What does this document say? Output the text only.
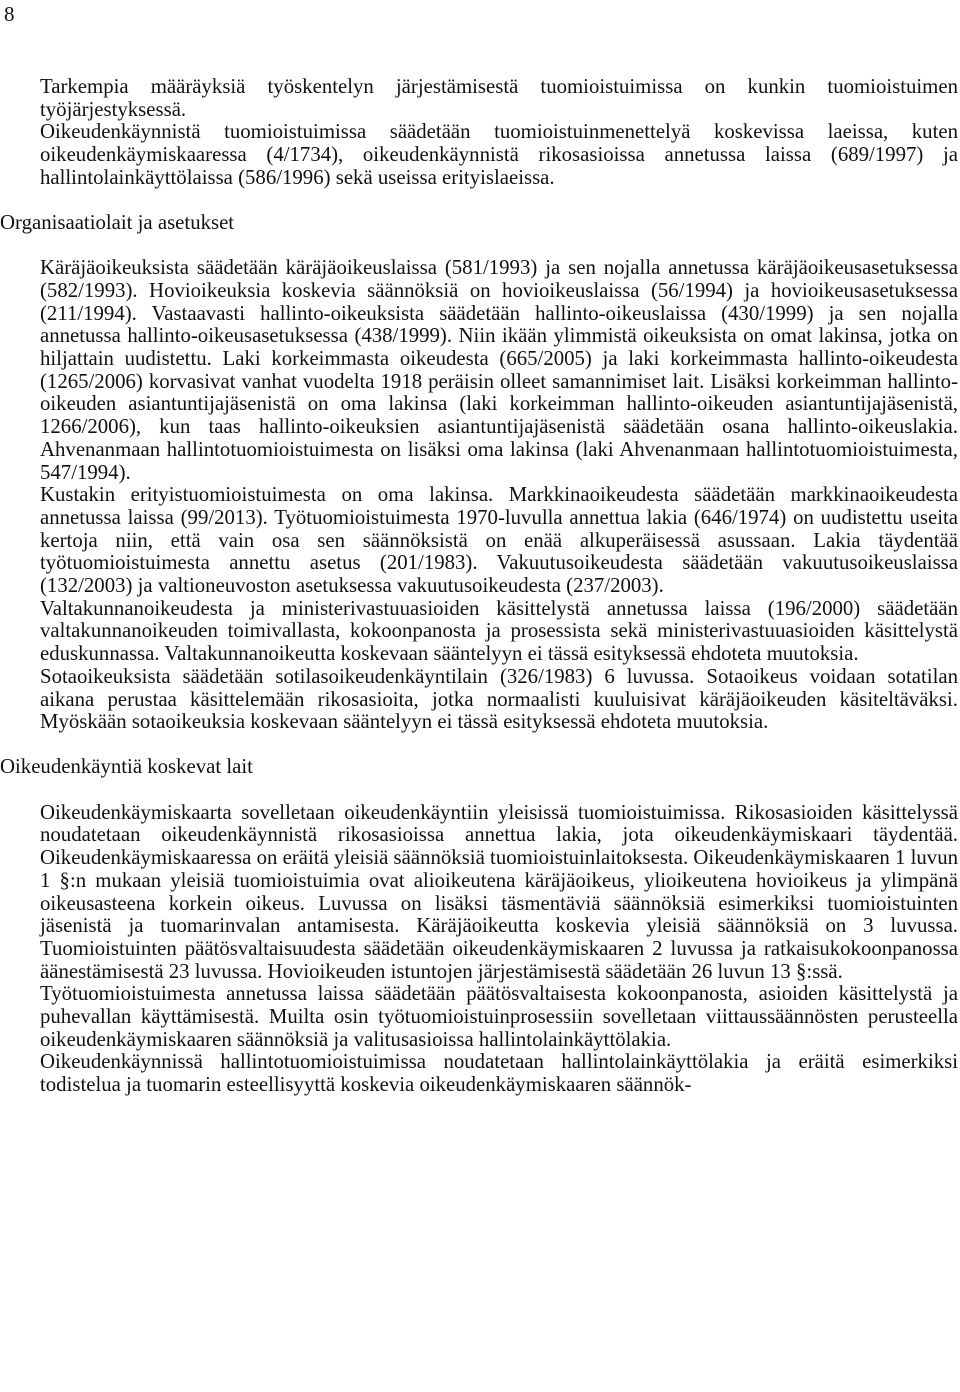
8

Tarkempia määräyksiä työskentelyn järjestämisestä tuomioistuimissa on kunkin tuomioistuimen työjärjestyksessä.

Oikeudenkäynnistä tuomioistuimissa säädetään tuomioistuinmenettelyä koskevissa laeissa, kuten oikeudenkäymiskaaressa (4/1734), oikeudenkäynnistä rikosasioissa annetussa laissa (689/1997) ja hallintolainkäyttölaissa (586/1996) sekä useissa erityislaeissa.

Organisaatiolait ja asetukset

Käräjäoikeuksista säädetään käräjäoikeuslaissa (581/1993) ja sen nojalla annetussa käräjäoikeusasetuksessa (582/1993). Hovioikeuksia koskevia säännöksiä on hovioikeuslaissa (56/1994) ja hovioikeusasetuksessa (211/1994). Vastaavasti hallinto-oikeuksista säädetään hallinto-oikeuslaissa (430/1999) ja sen nojalla annetussa hallinto-oikeusasetuksessa (438/1999). Niin ikään ylimmistä oikeuksista on omat lakinsa, jotka on hiljattain uudistettu. Laki korkeimmasta oikeudesta (665/2005) ja laki korkeimmasta hallinto-oikeudesta (1265/2006) korvasivat vanhat vuodelta 1918 peräisin olleet samannimiset lait. Lisäksi korkeimman hallinto-oikeuden asiantuntijajäsenistä on oma lakinsa (laki korkeimman hallinto-oikeuden asiantuntijajäsenistä, 1266/2006), kun taas hallinto-oikeuksien asiantuntijajäsenistä säädetään osana hallinto-oikeuslakia. Ahvenanmaan hallintotuomioistuimesta on lisäksi oma lakinsa (laki Ahvenanmaan hallintotuomioistuimesta, 547/1994).

Kustakin erityistuomioistuimesta on oma lakinsa. Markkinaoikeudesta säädetään markkinaoikeudesta annetussa laissa (99/2013). Työtuomioistuimesta 1970-luvulla annettua lakia (646/1974) on uudistettu useita kertoja niin, että vain osa sen säännöksistä on enää alkuperäisessä asussaan. Lakia täydentää työtuomioistuimesta annettu asetus (201/1983). Vakuutusoikeudesta säädetään vakuutusoikeuslaissa (132/2003) ja valtioneuvoston asetuksessa vakuutusoikeudesta (237/2003).

Valtakunnanoikeudesta ja ministerivastuuasioiden käsittelystä annetussa laissa (196/2000) säädetään valtakunnanoikeuden toimivallasta, kokoonpanosta ja prosessista sekä ministerivastuuasioiden käsittelystä eduskunnassa. Valtakunnanoikeutta koskevaan sääntelyyn ei tässä esityksessä ehdoteta muutoksia.

Sotaoikeuksista säädetään sotilasoikeudenkäyntilain (326/1983) 6 luvussa. Sotaoikeus voidaan sotatilan aikana perustaa käsittelemään rikosasioita, jotka normaalisti kuuluisivat käräjäoikeuden käsiteltäväksi. Myöskään sotaoikeuksia koskevaan sääntelyyn ei tässä esityksessä ehdoteta muutoksia.

Oikeudenkäyntiä koskevat lait

Oikeudenkäymiskaarta sovelletaan oikeudenkäyntiin yleisissä tuomioistuimissa. Rikosasioiden käsittelyssä noudatetaan oikeudenkäynnistä rikosasioissa annettua lakia, jota oikeudenkäymiskaari täydentää. Oikeudenkäymiskaaressa on eräitä yleisiä säännöksiä tuomioistuinlaitoksesta. Oikeudenkäymiskaaren 1 luvun 1 §:n mukaan yleisiä tuomioistuimia ovat alioikeutena käräjäoikeus, ylioikeutena hovioikeus ja ylimpänä oikeusasteena korkein oikeus. Luvussa on lisäksi täsmentäviä säännöksiä esimerkiksi tuomioistuinten jäsenistä ja tuomarinvalan antamisesta. Käräjäoikeutta koskevia yleisiä säännöksiä on 3 luvussa. Tuomioistuinten päätösvaltaisuudesta säädetään oikeudenkäymiskaaren 2 luvussa ja ratkaisukokoonpanossa äänestämisestä 23 luvussa. Hovioikeuden istuntojen järjestämisestä säädetään 26 luvun 13 §:ssä.

Työtuomioistuimesta annetussa laissa säädetään päätösvaltaisesta kokoonpanosta, asioiden käsittelystä ja puhevallan käyttämisestä. Muilta osin työtuomioistuinprosessiin sovelletaan viittaussäännösten perusteella oikeudenkäymiskaaren säännöksiä ja valitusasioissa hallintolainkäyttölakia.

Oikeudenkäynnissä hallintotuomioistuimissa noudatetaan hallintolainkäyttölakia ja eräitä esimerkiksi todistelua ja tuomarin esteellisyyttä koskevia oikeudenkäymiskaaren säännök-
